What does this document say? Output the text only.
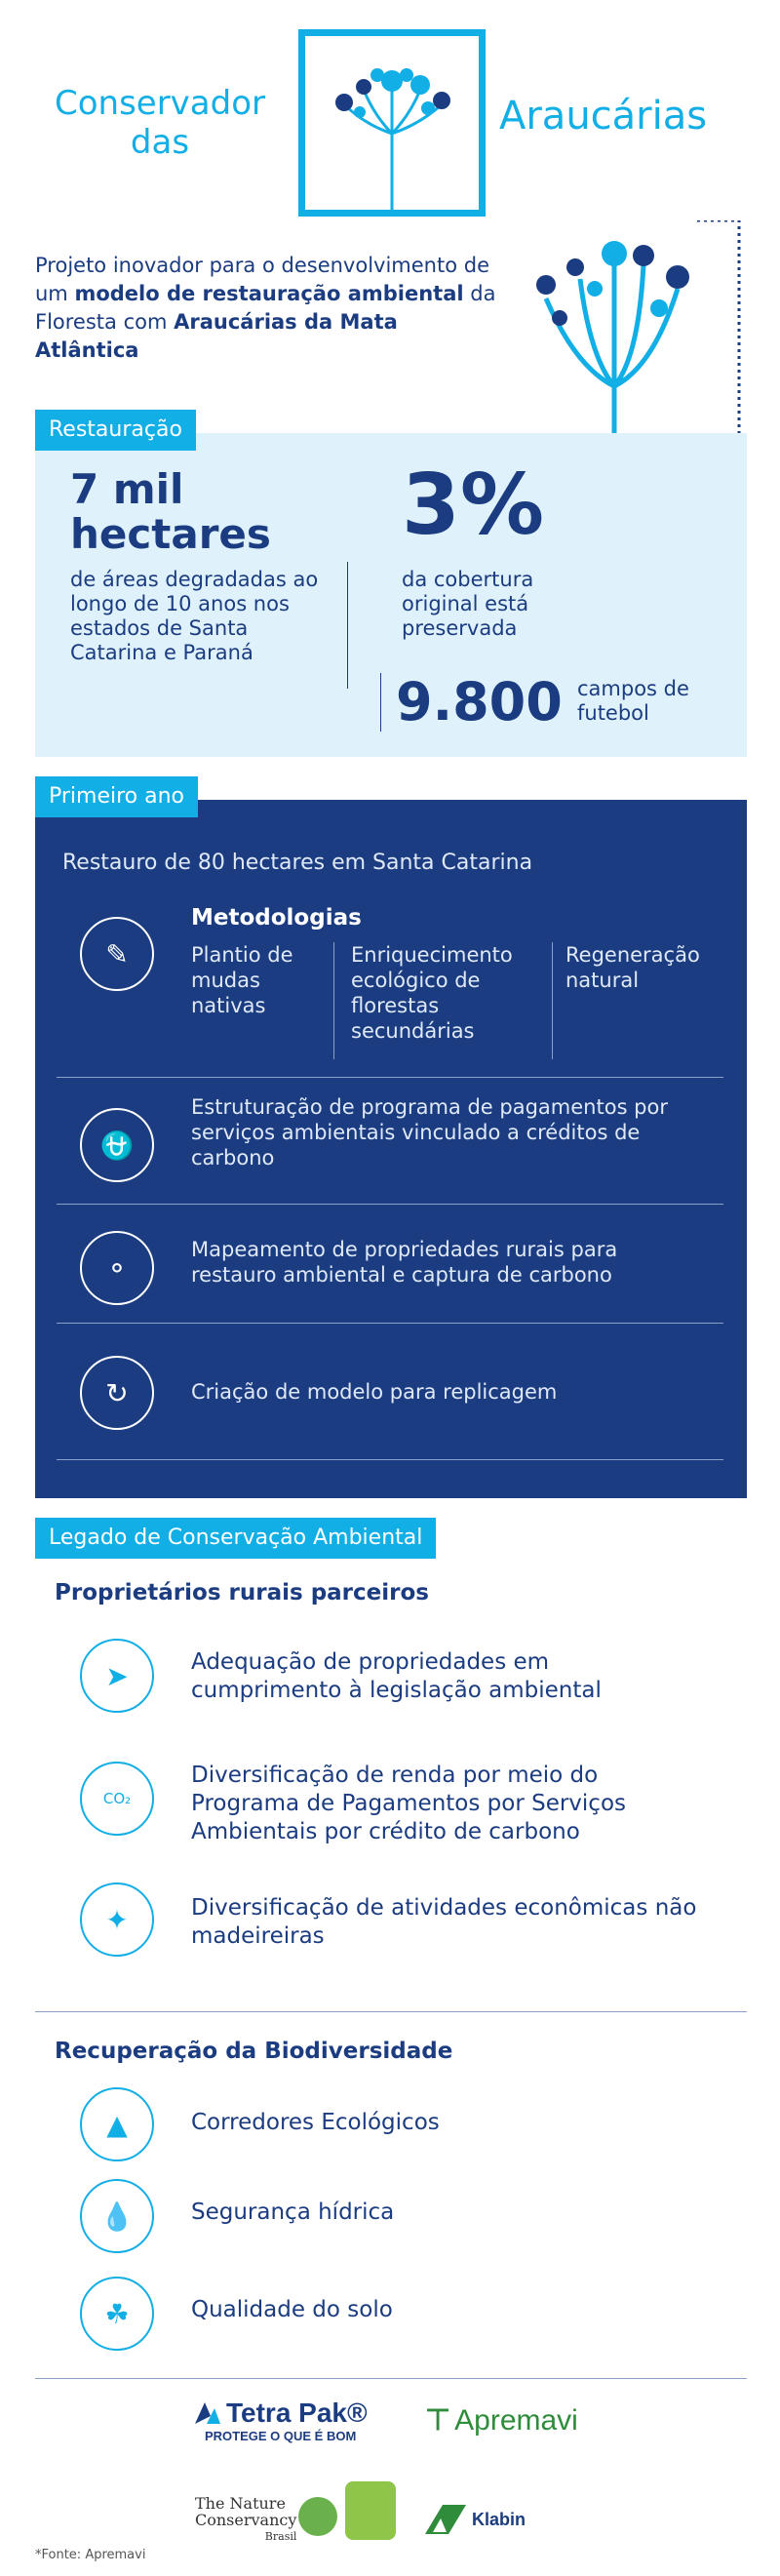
Conservador das
Araucárias
Projeto inovador para o desenvolvimento de um modelo de restauração ambiental da Floresta com Araucárias da Mata Atlântica
Restauração
7 mil
hectares
de áreas degradadas ao longo de 10 anos nos estados de Santa Catarina e Paraná
3%
da cobertura original está preservada
9.800 campos de futebol
Primeiro ano
Restauro de 80 hectares em Santa Catarina
✎
Metodologias
Plantio de mudas nativas
Enriquecimento ecológico de florestas secundárias
Regeneração natural
⛎
Estruturação de programa de pagamentos por serviços ambientais vinculado a créditos de carbono
⚬
Mapeamento de propriedades rurais para restauro ambiental e captura de carbono
↻	Criação de modelo para replicagem
Legado de Conservação Ambiental
Proprietários rurais parceiros
➤	Adequação de propriedades em cumprimento à legislação ambiental
CO₂
Diversificação de renda por meio do Programa de Pagamentos por Serviços Ambientais por crédito de carbono
✦	Diversificação de atividades econômicas não madeireiras
Recuperação da Biodiversidade
▲	Corredores Ecológicos
💧	Segurança hídrica
☘	Qualidade do solo
Tetra Pak®
PROTEGE O QUE É BOM	⊤ Apremavi
The Nature
Conservancy
Brasil
Klabin
*Fonte: Apremavi
